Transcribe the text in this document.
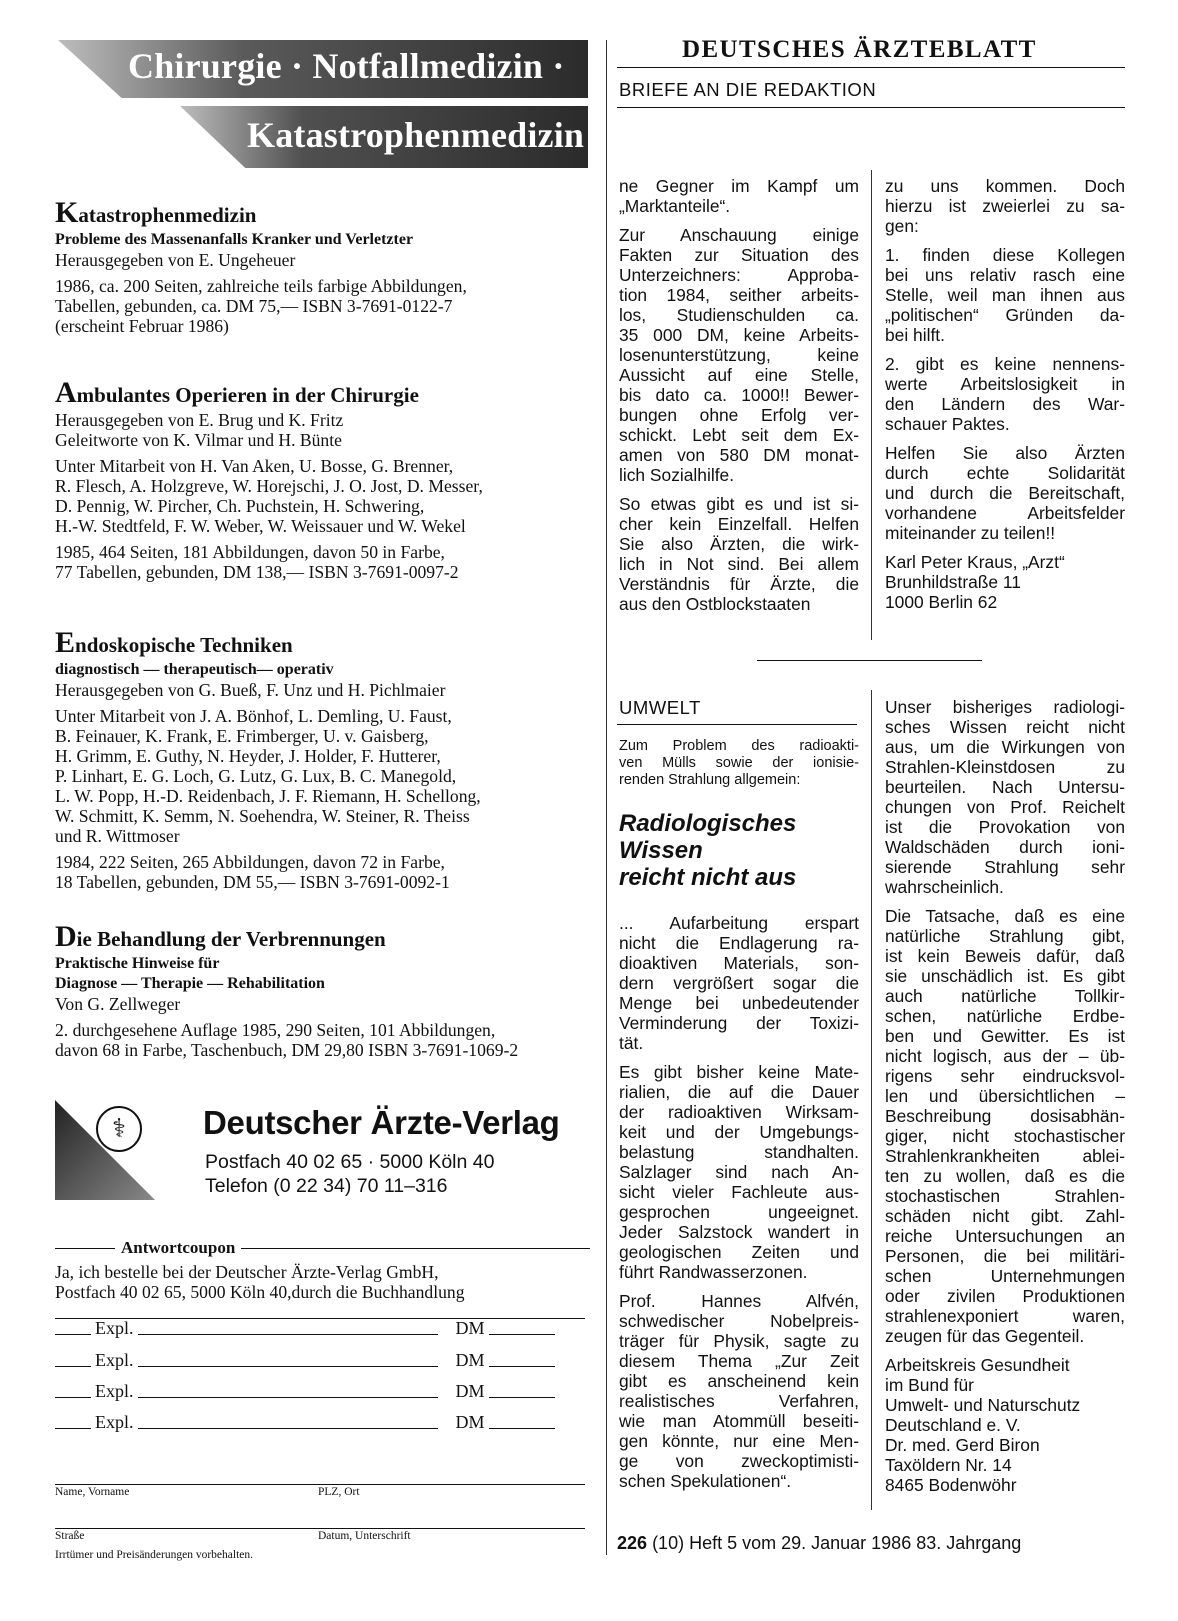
Chirurgie · Notfallmedizin ·
Katastrophenmedizin
Katastrophenmedizin
Probleme des Massenanfalls Kranker und Verletzter
Herausgegeben von E. Ungeheuer
1986, ca. 200 Seiten, zahlreiche teils farbige Abbildungen,
Tabellen, gebunden, ca. DM 75,— ISBN 3-7691-0122-7
(erscheint Februar 1986)
Ambulantes Operieren in der Chirurgie
Herausgegeben von E. Brug und K. Fritz
Geleitworte von K. Vilmar und H. Bünte
Unter Mitarbeit von H. Van Aken, U. Bosse, G. Brenner,
R. Flesch, A. Holzgreve, W. Horejschi, J. O. Jost, D. Messer,
D. Pennig, W. Pircher, Ch. Puchstein, H. Schwering,
H.-W. Stedtfeld, F. W. Weber, W. Weissauer und W. Wekel
1985, 464 Seiten, 181 Abbildungen, davon 50 in Farbe,
77 Tabellen, gebunden, DM 138,— ISBN 3-7691-0097-2
Endoskopische Techniken
diagnostisch — therapeutisch— operativ
Herausgegeben von G. Bueß, F. Unz und H. Pichlmaier
Unter Mitarbeit von J. A. Bönhof, L. Demling, U. Faust,
B. Feinauer, K. Frank, E. Frimberger, U. v. Gaisberg,
H. Grimm, E. Guthy, N. Heyder, J. Holder, F. Hutterer,
P. Linhart, E. G. Loch, G. Lutz, G. Lux, B. C. Manegold,
L. W. Popp, H.-D. Reidenbach, J. F. Riemann, H. Schellong,
W. Schmitt, K. Semm, N. Soehendra, W. Steiner, R. Theiss
und R. Wittmoser
1984, 222 Seiten, 265 Abbildungen, davon 72 in Farbe,
18 Tabellen, gebunden, DM 55,— ISBN 3-7691-0092-1
Die Behandlung der Verbrennungen
Praktische Hinweise für
Diagnose — Therapie — Rehabilitation
Von G. Zellweger
2. durchgesehene Auflage 1985, 290 Seiten, 101 Abbildungen,
davon 68 in Farbe, Taschenbuch, DM 29,80 ISBN 3-7691-1069-2
⚕	Deutscher Ärzte-Verlag
Postfach 40 02 65 · 5000 Köln 40
Telefon (0 22 34) 70 11–316
Antwortcoupon
Ja, ich bestelle bei der Deutscher Ärzte-Verlag GmbH,
Postfach 40 02 65, 5000 Köln 40,durch die Buchhandlung
Expl.	DM
Expl.	DM
Expl.	DM
Expl.	DM
Name, Vorname	PLZ, Ort
Straße	Datum, Unterschrift
Irrtümer und Preisänderungen vorbehalten.
DEUTSCHES ÄRZTEBLATT
BRIEFE AN DIE REDAKTION

ne Gegner im Kampf um
„Marktanteile“.

Zur Anschauung einige
Fakten zur Situation des
Unterzeichners: Approba-
tion 1984, seither arbeits-
los, Studienschulden ca.
35 000 DM, keine Arbeits-
losenunterstützung, keine
Aussicht auf eine Stelle,
bis dato ca. 1000!! Bewer-
bungen ohne Erfolg ver-
schickt. Lebt seit dem Ex-
amen von 580 DM monat-
lich Sozialhilfe.

So etwas gibt es und ist si-
cher kein Einzelfall. Helfen
Sie also Ärzten, die wirk-
lich in Not sind. Bei allem
Verständnis für Ärzte, die
aus den Ostblockstaaten

zu uns kommen. Doch
hierzu ist zweierlei zu sa-
gen:

1. finden diese Kollegen
bei uns relativ rasch eine
Stelle, weil man ihnen aus
„politischen“ Gründen da-
bei hilft.

2. gibt es keine nennens-
werte Arbeitslosigkeit in
den Ländern des War-
schauer Paktes.

Helfen Sie also Ärzten
durch echte Solidarität
und durch die Bereitschaft,
vorhandene Arbeitsfelder
miteinander zu teilen!!

Karl Peter Kraus, „Arzt“
Brunhildstraße 11
1000 Berlin 62
UMWELT
Zum Problem des radioakti-
ven Mülls sowie der ionisie-
renden Strahlung allgemein:
Radiologisches
Wissen
reicht nicht aus

... Aufarbeitung erspart
nicht die Endlagerung ra-
dioaktiven Materials, son-
dern vergrößert sogar die
Menge bei unbedeutender
Verminderung der Toxizi-
tät.

Es gibt bisher keine Mate-
rialien, die auf die Dauer
der radioaktiven Wirksam-
keit und der Umgebungs-
belastung standhalten.
Salzlager sind nach An-
sicht vieler Fachleute aus-
gesprochen ungeeignet.
Jeder Salzstock wandert in
geologischen Zeiten und
führt Randwasserzonen.

Prof. Hannes Alfvén,
schwedischer Nobelpreis-
träger für Physik, sagte zu
diesem Thema „Zur Zeit
gibt es anscheinend kein
realistisches Verfahren,
wie man Atommüll beseiti-
gen könnte, nur eine Men-
ge von zweckoptimisti-
schen Spekulationen“.

Unser bisheriges radiologi-
sches Wissen reicht nicht
aus, um die Wirkungen von
Strahlen-Kleinstdosen zu
beurteilen. Nach Untersu-
chungen von Prof. Reichelt
ist die Provokation von
Waldschäden durch ioni-
sierende Strahlung sehr
wahrscheinlich.

Die Tatsache, daß es eine
natürliche Strahlung gibt,
ist kein Beweis dafür, daß
sie unschädlich ist. Es gibt
auch natürliche Tollkir-
schen, natürliche Erdbe-
ben und Gewitter. Es ist
nicht logisch, aus der – üb-
rigens sehr eindrucksvol-
len und übersichtlichen –
Beschreibung dosisabhän-
giger, nicht stochastischer
Strahlenkrankheiten ablei-
ten zu wollen, daß es die
stochastischen Strahlen-
schäden nicht gibt. Zahl-
reiche Untersuchungen an
Personen, die bei militäri-
schen Unternehmungen
oder zivilen Produktionen
strahlenexponiert waren,
zeugen für das Gegenteil.

Arbeitskreis Gesundheit
im Bund für
Umwelt- und Naturschutz
Deutschland e. V.
Dr. med. Gerd Biron
Taxöldern Nr. 14
8465 Bodenwöhr
226 (10) Heft 5 vom 29. Januar 1986 83. Jahrgang
